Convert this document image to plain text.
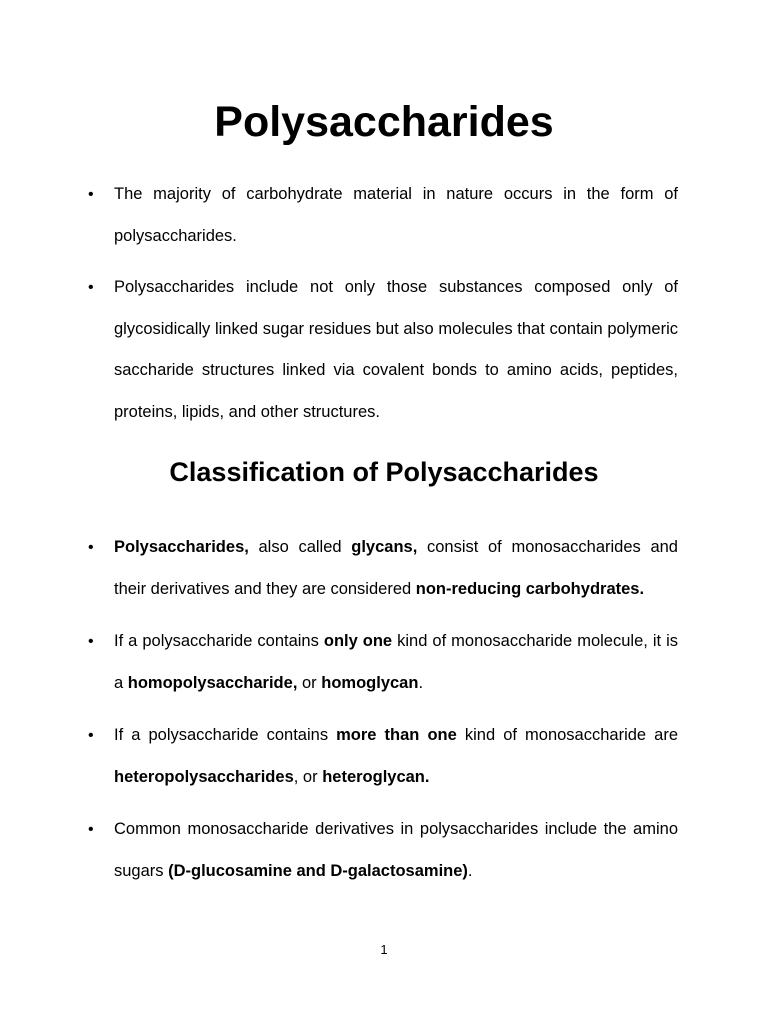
Polysaccharides
• The majority of carbohydrate material in nature occurs in the form of polysaccharides.
• Polysaccharides include not only those substances composed only of glycosidically linked sugar residues but also molecules that contain polymeric saccharide structures linked via covalent bonds to amino acids, peptides, proteins, lipids, and other structures.
Classification of Polysaccharides
• Polysaccharides, also called glycans, consist of monosaccharides and their derivatives and they are considered non-reducing carbohydrates.
• If a polysaccharide contains only one kind of monosaccharide molecule, it is a homopolysaccharide, or homoglycan.
• If a polysaccharide contains more than one kind of monosaccharide are heteropolysaccharides, or heteroglycan.
• Common monosaccharide derivatives in polysaccharides include the amino sugars (D-glucosamine and D-galactosamine).
1
